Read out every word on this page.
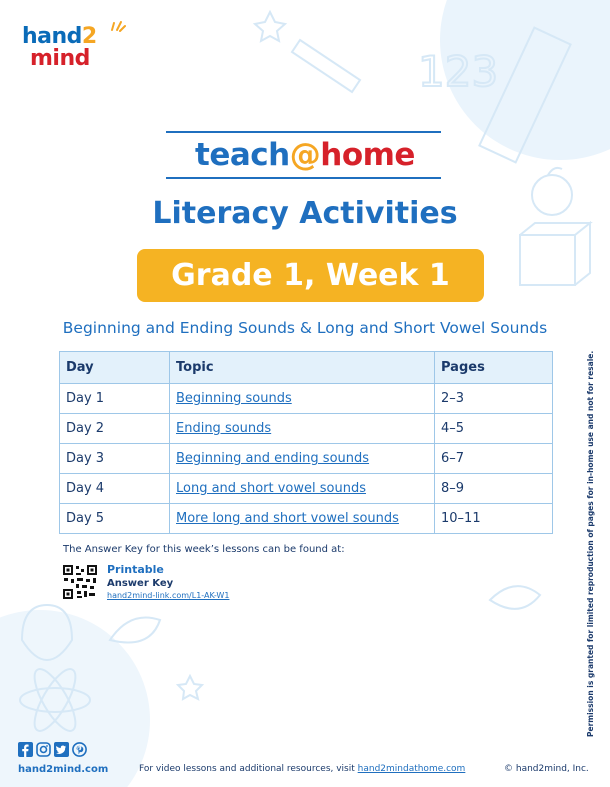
123
hand2
mind
teach@home
Literacy Activities
Grade 1, Week 1
Beginning and Ending Sounds & Long and Short Vowel Sounds
Day	Topic	Pages
Day 1	Beginning sounds	2–3
Day 2	Ending sounds	4–5
Day 3	Beginning and ending sounds	6–7
Day 4	Long and short vowel sounds	8–9
Day 5	More long and short vowel sounds	10–11
The Answer Key for this week’s lessons can be found at:
Printable
Answer Key
hand2mind-link.com/L1-AK-W1
hand2mind.com	For video lessons and additional resources, visit hand2mindathome.com	© hand2mind, Inc.
Permission is granted for limited reproduction of pages for in-home use and not for resale.
